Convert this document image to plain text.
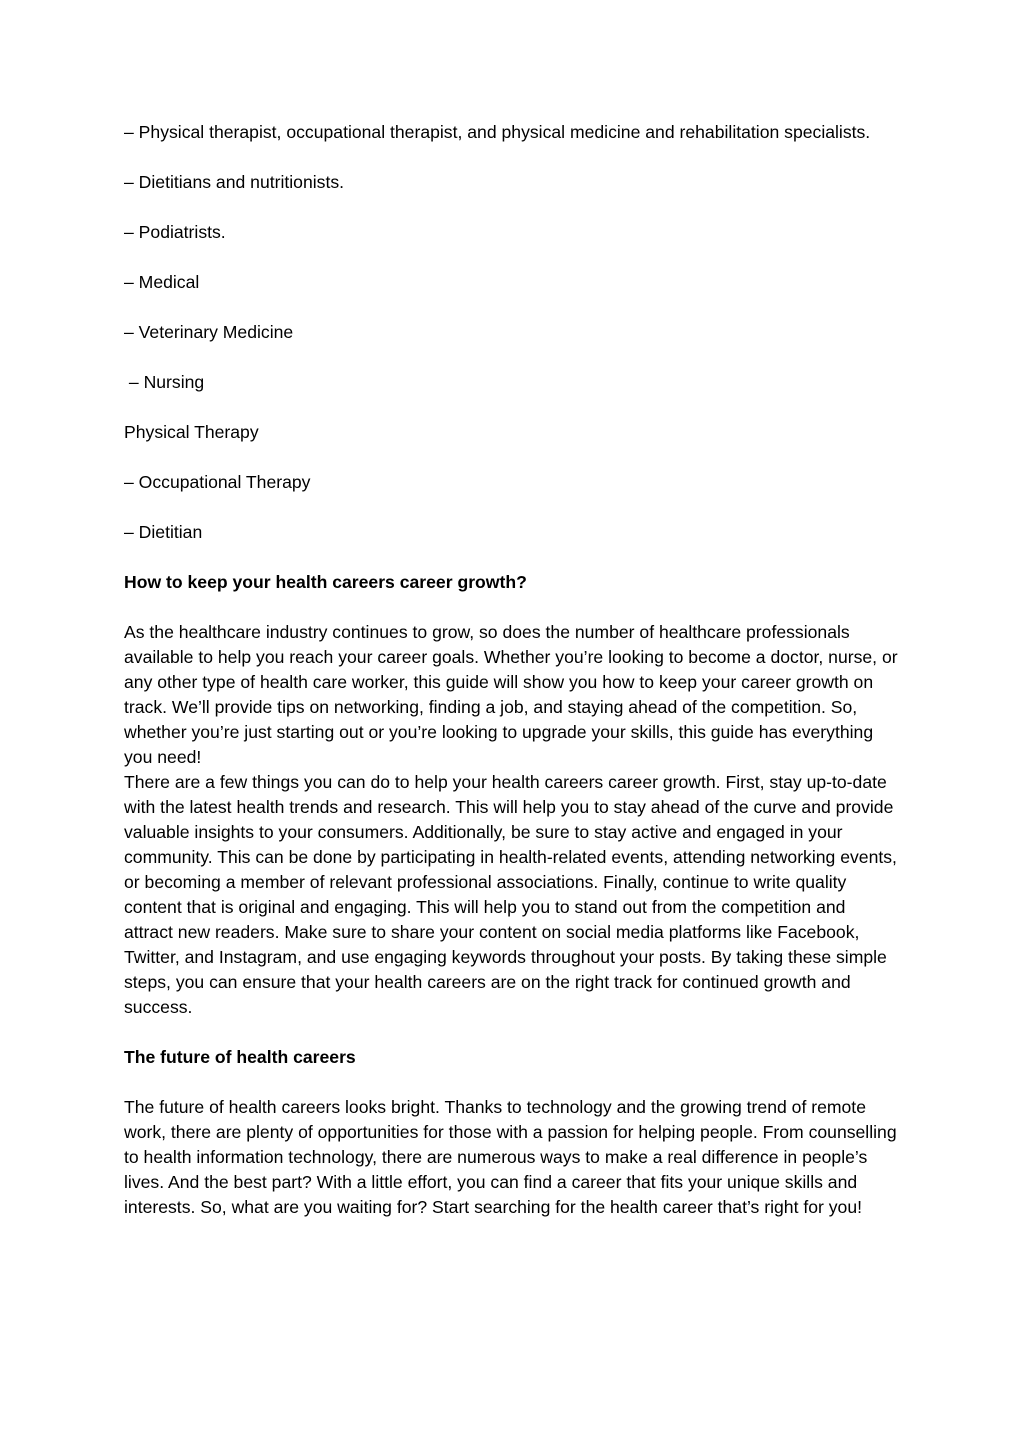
– Physical therapist, occupational therapist, and physical medicine and rehabilitation specialists.

– Dietitians and nutritionists.

– Podiatrists.

– Medical

– Veterinary Medicine

– Nursing

Physical Therapy

– Occupational Therapy

– Dietitian

How to keep your health careers career growth?

As the healthcare industry continues to grow, so does the number of healthcare professionals available to help you reach your career goals. Whether you’re looking to become a doctor, nurse, or any other type of health care worker, this guide will show you how to keep your career growth on track. We’ll provide tips on networking, finding a job, and staying ahead of the competition. So, whether you’re just starting out or you’re looking to upgrade your skills, this guide has everything you need!

There are a few things you can do to help your health careers career growth. First, stay up-to-date with the latest health trends and research. This will help you to stay ahead of the curve and provide valuable insights to your consumers. Additionally, be sure to stay active and engaged in your community. This can be done by participating in health-related events, attending networking events, or becoming a member of relevant professional associations. Finally, continue to write quality content that is original and engaging. This will help you to stand out from the competition and attract new readers. Make sure to share your content on social media platforms like Facebook, Twitter, and Instagram, and use engaging keywords throughout your posts. By taking these simple steps, you can ensure that your health careers are on the right track for continued growth and success.

The future of health careers

The future of health careers looks bright. Thanks to technology and the growing trend of remote work, there are plenty of opportunities for those with a passion for helping people. From counselling to health information technology, there are numerous ways to make a real difference in people’s lives. And the best part? With a little effort, you can find a career that fits your unique skills and interests. So, what are you waiting for? Start searching for the health career that’s right for you!
